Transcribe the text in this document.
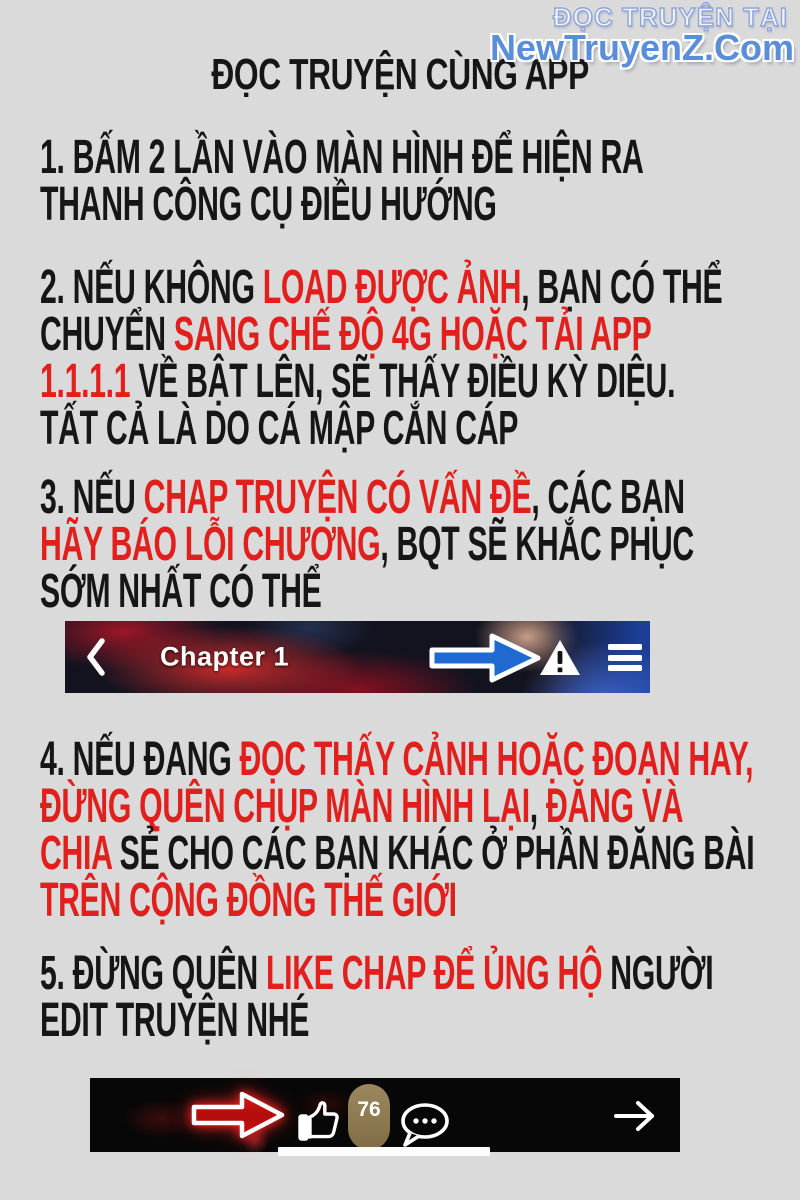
ĐỌC TRUYỆN TẠI
NewTruyenZ.Com
ĐỌC TRUYỆN CÙNG APP
1. BẤM 2 LẦN VÀO MÀN HÌNH ĐỂ HIỆN RA
THANH CÔNG CỤ ĐIỀU HƯỚNG
2. NẾU KHÔNG LOAD ĐƯỢC ẢNH, BẠN CÓ THỂ
CHUYỂN SANG CHẾ ĐỘ 4G HOẶC TẢI APP
1.1.1.1 VỀ BẬT LÊN, SẼ THẤY ĐIỀU KỲ DIỆU.
TẤT CẢ LÀ DO CÁ MẬP CẮN CÁP
3. NẾU CHAP TRUYỆN CÓ VẤN ĐỀ, CÁC BẠN
HÃY BÁO LỖI CHƯƠNG, BQT SẼ KHẮC PHỤC
SỚM NHẤT CÓ THỂ
4. NẾU ĐANG ĐỌC THẤY CẢNH HOẶC ĐOẠN HAY,
ĐỪNG QUÊN CHỤP MÀN HÌNH LẠI, ĐĂNG VÀ
CHIA SẺ CHO CÁC BẠN KHÁC Ở PHẦN ĐĂNG BÀI
TRÊN CỘNG ĐỒNG THẾ GIỚI
5. ĐỪNG QUÊN LIKE CHAP ĐỂ ỦNG HỘ NGƯỜI
EDIT TRUYỆN NHÉ
Chapter 1
76
